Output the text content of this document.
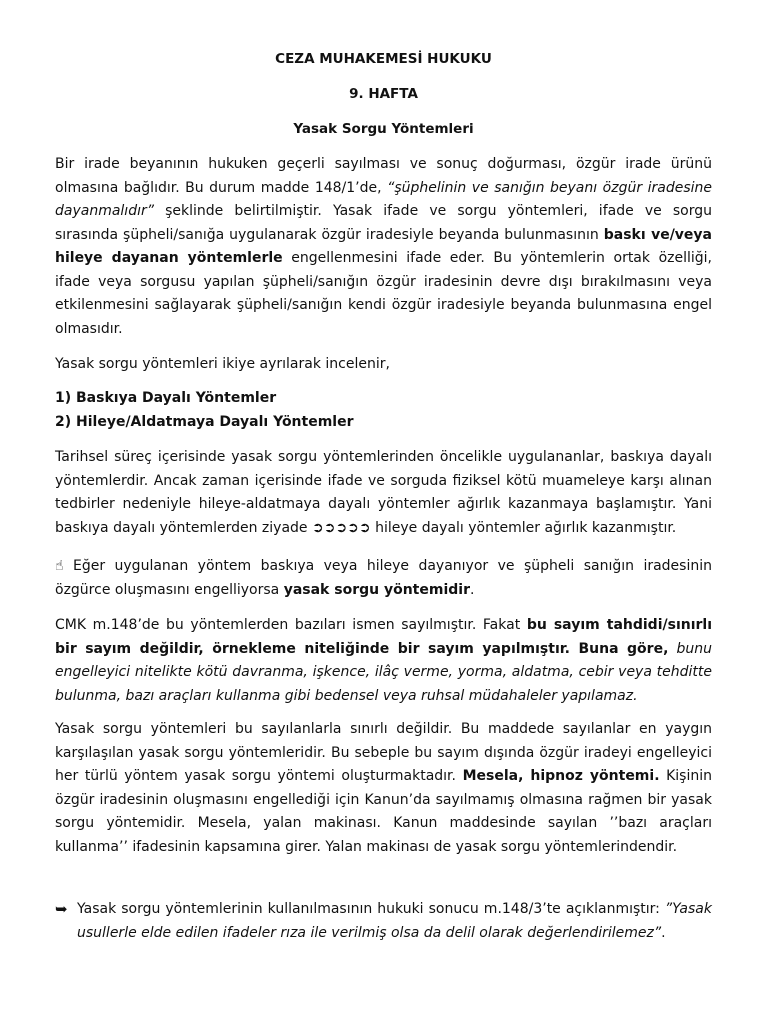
CEZA MUHAKEMESİ HUKUKU
9. HAFTA
Yasak Sorgu Yöntemleri
Bir irade beyanının hukuken geçerli sayılması ve sonuç doğurması, özgür irade ürünü olmasına bağlıdır. Bu durum madde 148/1’de, “şüphelinin ve sanığın beyanı özgür iradesine dayanmalıdır” şeklinde belirtilmiştir. Yasak ifade ve sorgu yöntemleri, ifade ve sorgu sırasında şüpheli/sanığa uygulanarak özgür iradesiyle beyanda bulunmasının baskı ve/veya hileye dayanan yöntemlerle engellenmesini ifade eder. Bu yöntemlerin ortak özelliği, ifade veya sorgusu yapılan şüpheli/sanığın özgür iradesinin devre dışı bırakılmasını veya etkilenmesini sağlayarak şüpheli/sanığın kendi özgür iradesiyle beyanda bulunmasına engel olmasıdır.
Yasak sorgu yöntemleri ikiye ayrılarak incelenir,
1) Baskıya Dayalı Yöntemler
2) Hileye/Aldatmaya Dayalı Yöntemler
Tarihsel süreç içerisinde yasak sorgu yöntemlerinden öncelikle uygulananlar, baskıya dayalı yöntemlerdir. Ancak zaman içerisinde ifade ve sorguda fiziksel kötü muameleye karşı alınan tedbirler nedeniyle hileye-aldatmaya dayalı yöntemler ağırlık kazanmaya başlamıştır. Yani baskıya dayalı yöntemlerden ziyade ➲➲➲➲➲ hileye dayalı yöntemler ağırlık kazanmıştır.
☝ Eğer uygulanan yöntem baskıya veya hileye dayanıyor ve şüpheli sanığın iradesinin özgürce oluşmasını engelliyorsa yasak sorgu yöntemidir.
CMK m.148’de bu yöntemlerden bazıları ismen sayılmıştır. Fakat bu sayım tahdidi/sınırlı bir sayım değildir, örnekleme niteliğinde bir sayım yapılmıştır. Buna göre, bunu engelleyici nitelikte kötü davranma, işkence, ilâç verme, yorma, aldatma, cebir veya tehditte bulunma, bazı araçları kullanma gibi bedensel veya ruhsal müdahaleler yapılamaz.
Yasak sorgu yöntemleri bu sayılanlarla sınırlı değildir. Bu maddede sayılanlar en yaygın karşılaşılan yasak sorgu yöntemleridir. Bu sebeple bu sayım dışında özgür iradeyi engelleyici her türlü yöntem yasak sorgu yöntemi oluşturmaktadır. Mesela, hipnoz yöntemi. Kişinin özgür iradesinin oluşmasını engellediği için Kanun’da sayılmamış olmasına rağmen bir yasak sorgu yöntemidir. Mesela, yalan makinası. Kanun maddesinde sayılan ’’bazı araçları kullanma’’ ifadesinin kapsamına girer. Yalan makinası de yasak sorgu yöntemlerindendir.
➥ Yasak sorgu yöntemlerinin kullanılmasının hukuki sonucu m.148/3’te açıklanmıştır: ”Yasak usullerle elde edilen ifadeler rıza ile verilmiş olsa da delil olarak değerlendirilemez”.
